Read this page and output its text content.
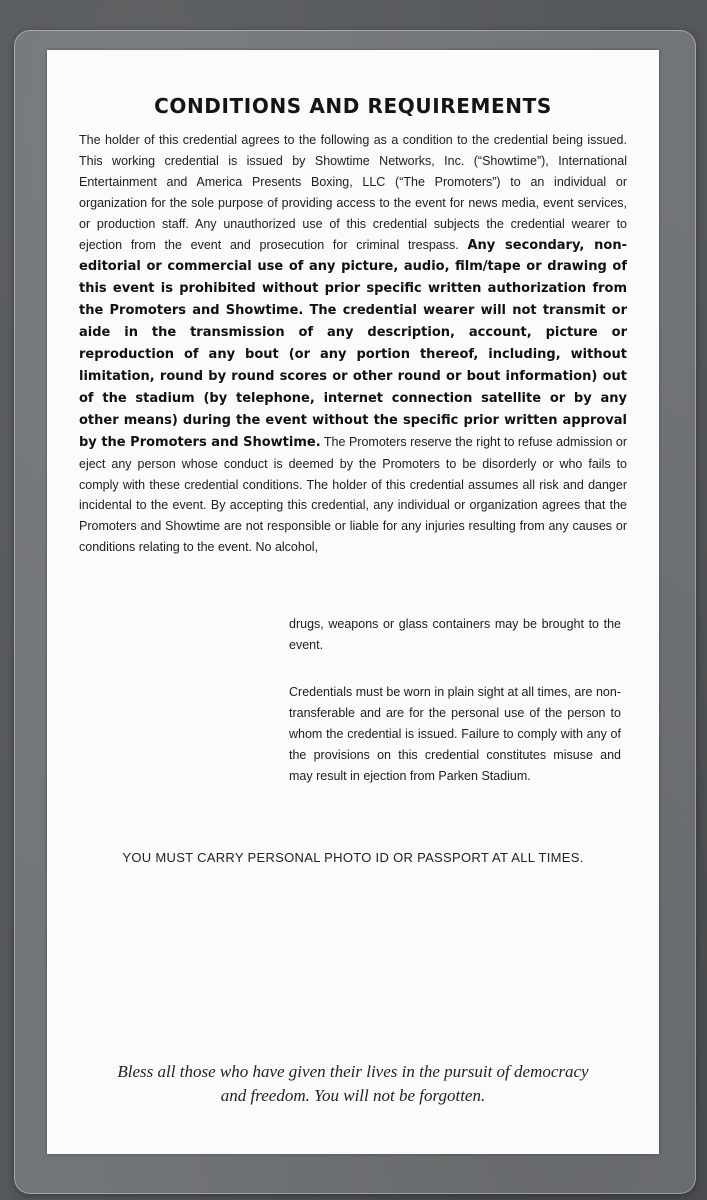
CONDITIONS AND REQUIREMENTS
The holder of this credential agrees to the following as a condition to the credential being issued. This working credential is issued by Showtime Networks, Inc. (“Showtime”), International Entertainment and America Presents Boxing, LLC (“The Promoters”) to an individual or organization for the sole purpose of providing access to the event for news media, event services, or production staff. Any unauthorized use of this credential subjects the credential wearer to ejection from the event and prosecution for criminal trespass. Any secondary, non-editorial or commercial use of any picture, audio, film/tape or drawing of this event is prohibited without prior specific written authorization from the Promoters and Showtime. The credential wearer will not transmit or aide in the transmission of any description, account, picture or reproduction of any bout (or any portion thereof, including, without limitation, round by round scores or other round or bout information) out of the stadium (by telephone, internet connection satellite or by any other means) during the event without the specific prior written approval by the Promoters and Showtime. The Promoters reserve the right to refuse admission or eject any person whose conduct is deemed by the Promoters to be disorderly or who fails to comply with these credential conditions. The holder of this credential assumes all risk and danger incidental to the event. By accepting this credential, any individual or organization agrees that the Promoters and Showtime are not responsible or liable for any injuries resulting from any causes or conditions relating to the event. No alcohol,
drugs, weapons or glass containers may be brought to the event.
Credentials must be worn in plain sight at all times, are non-transferable and are for the personal use of the person to whom the credential is issued. Failure to comply with any of the provisions on this credential constitutes misuse and may result in ejection from Parken Stadium.
YOU MUST CARRY PERSONAL PHOTO ID OR PASSPORT AT ALL TIMES.
Bless all those who have given their lives in the pursuit of democracy and freedom. You will not be forgotten.
